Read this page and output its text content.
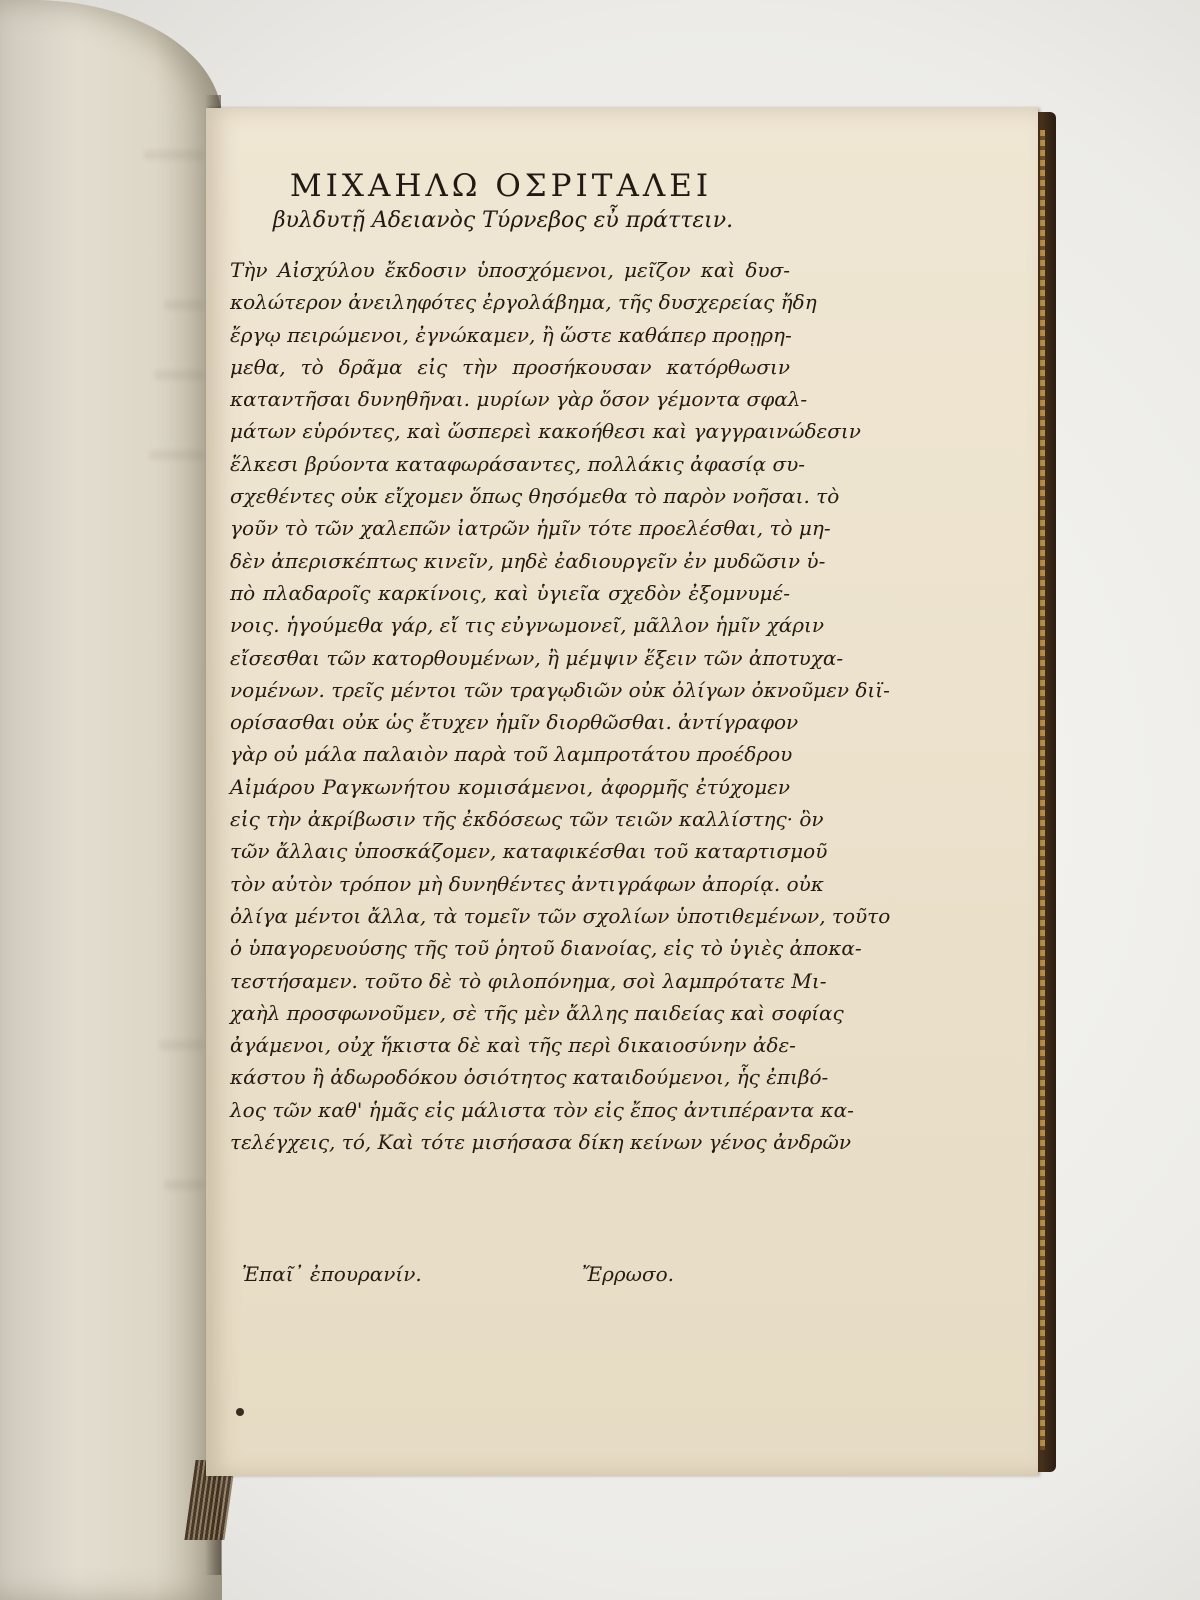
ΜΙΧΑΗΛΩ ΟΣΡΙΤΑΛΕΙ
βυλδυτῇ Αδειανὸς Τύρνεβος εὖ πράττειν.
Τὴν Αἰσχύλου ἔκδοσιν ὑποσχόμενοι, μεῖζον καὶ δυσ-
κολώτερον ἀνειληφότες ἐργολάβημα, τῆς δυσχερείας ἤδη
ἔργῳ πειρώμενοι, ἐγνώκαμεν, ἢ ὥστε καθάπερ προῃρη-
μεθα, τὸ δρᾶμα εἰς τὴν προσήκουσαν κατόρθωσιν
καταντῆσαι δυνηθῆναι. μυρίων γὰρ ὅσον γέμοντα σφαλ-
μάτων εὑρόντες, καὶ ὥσπερεὶ κακοήθεσι καὶ γαγγραινώδεσιν
ἕλκεσι βρύοντα καταφωράσαντες, πολλάκις ἀφασίᾳ συ-
σχεθέντες οὐκ εἴχομεν ὅπως θησόμεθα τὸ παρὸν νοῆσαι. τὸ
γοῦν τὸ τῶν χαλεπῶν ἰατρῶν ἡμῖν τότε προελέσθαι, τὸ μη-
δὲν ἀπερισκέπτως κινεῖν, μηδὲ ἐαδιουργεῖν ἐν μυδῶσιν ὑ-
πὸ πλαδαροῖς καρκίνοις, καὶ ὑγιεῖα σχεδὸν ἐξομνυμέ-
νοις. ἡγούμεθα γάρ, εἴ τις εὐγνωμονεῖ, μᾶλλον ἡμῖν χάριν
εἴσεσθαι τῶν κατορθουμένων, ἢ μέμψιν ἕξειν τῶν ἀποτυχα-
νομένων. τρεῖς μέντοι τῶν τραγῳδιῶν οὐκ ὀλίγων ὀκνοῦμεν διϊ-
ορίσασθαι οὐκ ὡς ἔτυχεν ἡμῖν διορθῶσθαι. ἀντίγραφον
γὰρ οὐ μάλα παλαιὸν παρὰ τοῦ λαμπροτάτου προέδρου
Αἰμάρου Ραγκωνήτου κομισάμενοι, ἀφορμῆς ἐτύχομεν
εἰς τὴν ἀκρίβωσιν τῆς ἐκδόσεως τῶν τειῶν καλλίστης· ὃν
τῶν ἄλλαις ὑποσκάζομεν, καταφικέσθαι τοῦ καταρτισμοῦ
τὸν αὐτὸν τρόπον μὴ δυνηθέντες ἀντιγράφων ἀπορίᾳ. οὐκ
ὀλίγα μέντοι ἄλλα, τὰ τομεῖν τῶν σχολίων ὑποτιθεμένων, τοῦτο
ὁ ὑπαγορευούσης τῆς τοῦ ῥητοῦ διανοίας, εἰς τὸ ὑγιὲς ἀποκα-
τεστήσαμεν. τοῦτο δὲ τὸ φιλοπόνημα, σοὶ λαμπρότατε Μι-
χαὴλ προσφωνοῦμεν, σὲ τῆς μὲν ἄλλης παιδείας καὶ σοφίας
ἀγάμενοι, οὐχ ἥκιστα δὲ καὶ τῆς περὶ δικαιοσύνην ἀδε-
κάστου ἢ ἀδωροδόκου ὁσιότητος καταιδούμενοι, ἧς ἐπιβό-
λος τῶν καθ' ἡμᾶς εἰς μάλιστα τὸν εἰς ἔπος ἀντιπέραντα κα-
τελέγχεις, τό, Καὶ τότε μισήσασα δίκη κείνων γένος ἀνδρῶν
Ἐπαῖ᾽ ἐπουρανίν.	Ἔρρωσο.
